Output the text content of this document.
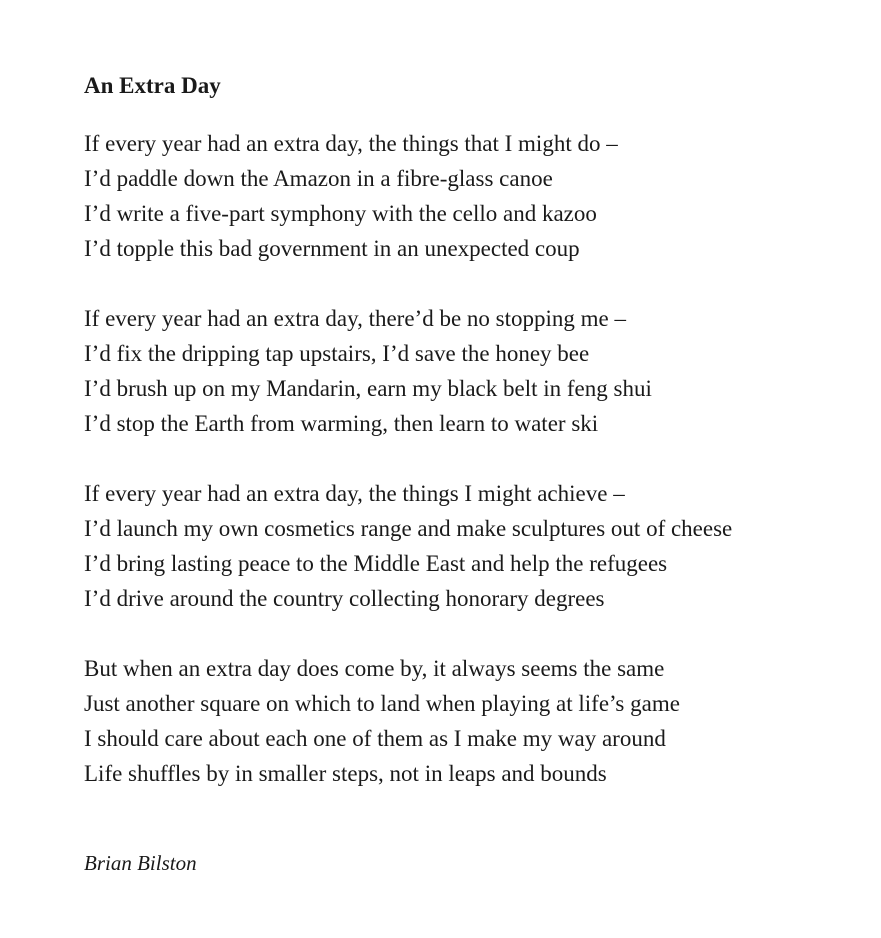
An Extra Day
If every year had an extra day, the things that I might do –
I’d paddle down the Amazon in a fibre-glass canoe
I’d write a five-part symphony with the cello and kazoo
I’d topple this bad government in an unexpected coup
If every year had an extra day, there’d be no stopping me –
I’d fix the dripping tap upstairs, I’d save the honey bee
I’d brush up on my Mandarin, earn my black belt in feng shui
I’d stop the Earth from warming, then learn to water ski
If every year had an extra day, the things I might achieve –
I’d launch my own cosmetics range and make sculptures out of cheese
I’d bring lasting peace to the Middle East and help the refugees
I’d drive around the country collecting honorary degrees
But when an extra day does come by, it always seems the same
Just another square on which to land when playing at life’s game
I should care about each one of them as I make my way around
Life shuffles by in smaller steps, not in leaps and bounds
Brian Bilston
